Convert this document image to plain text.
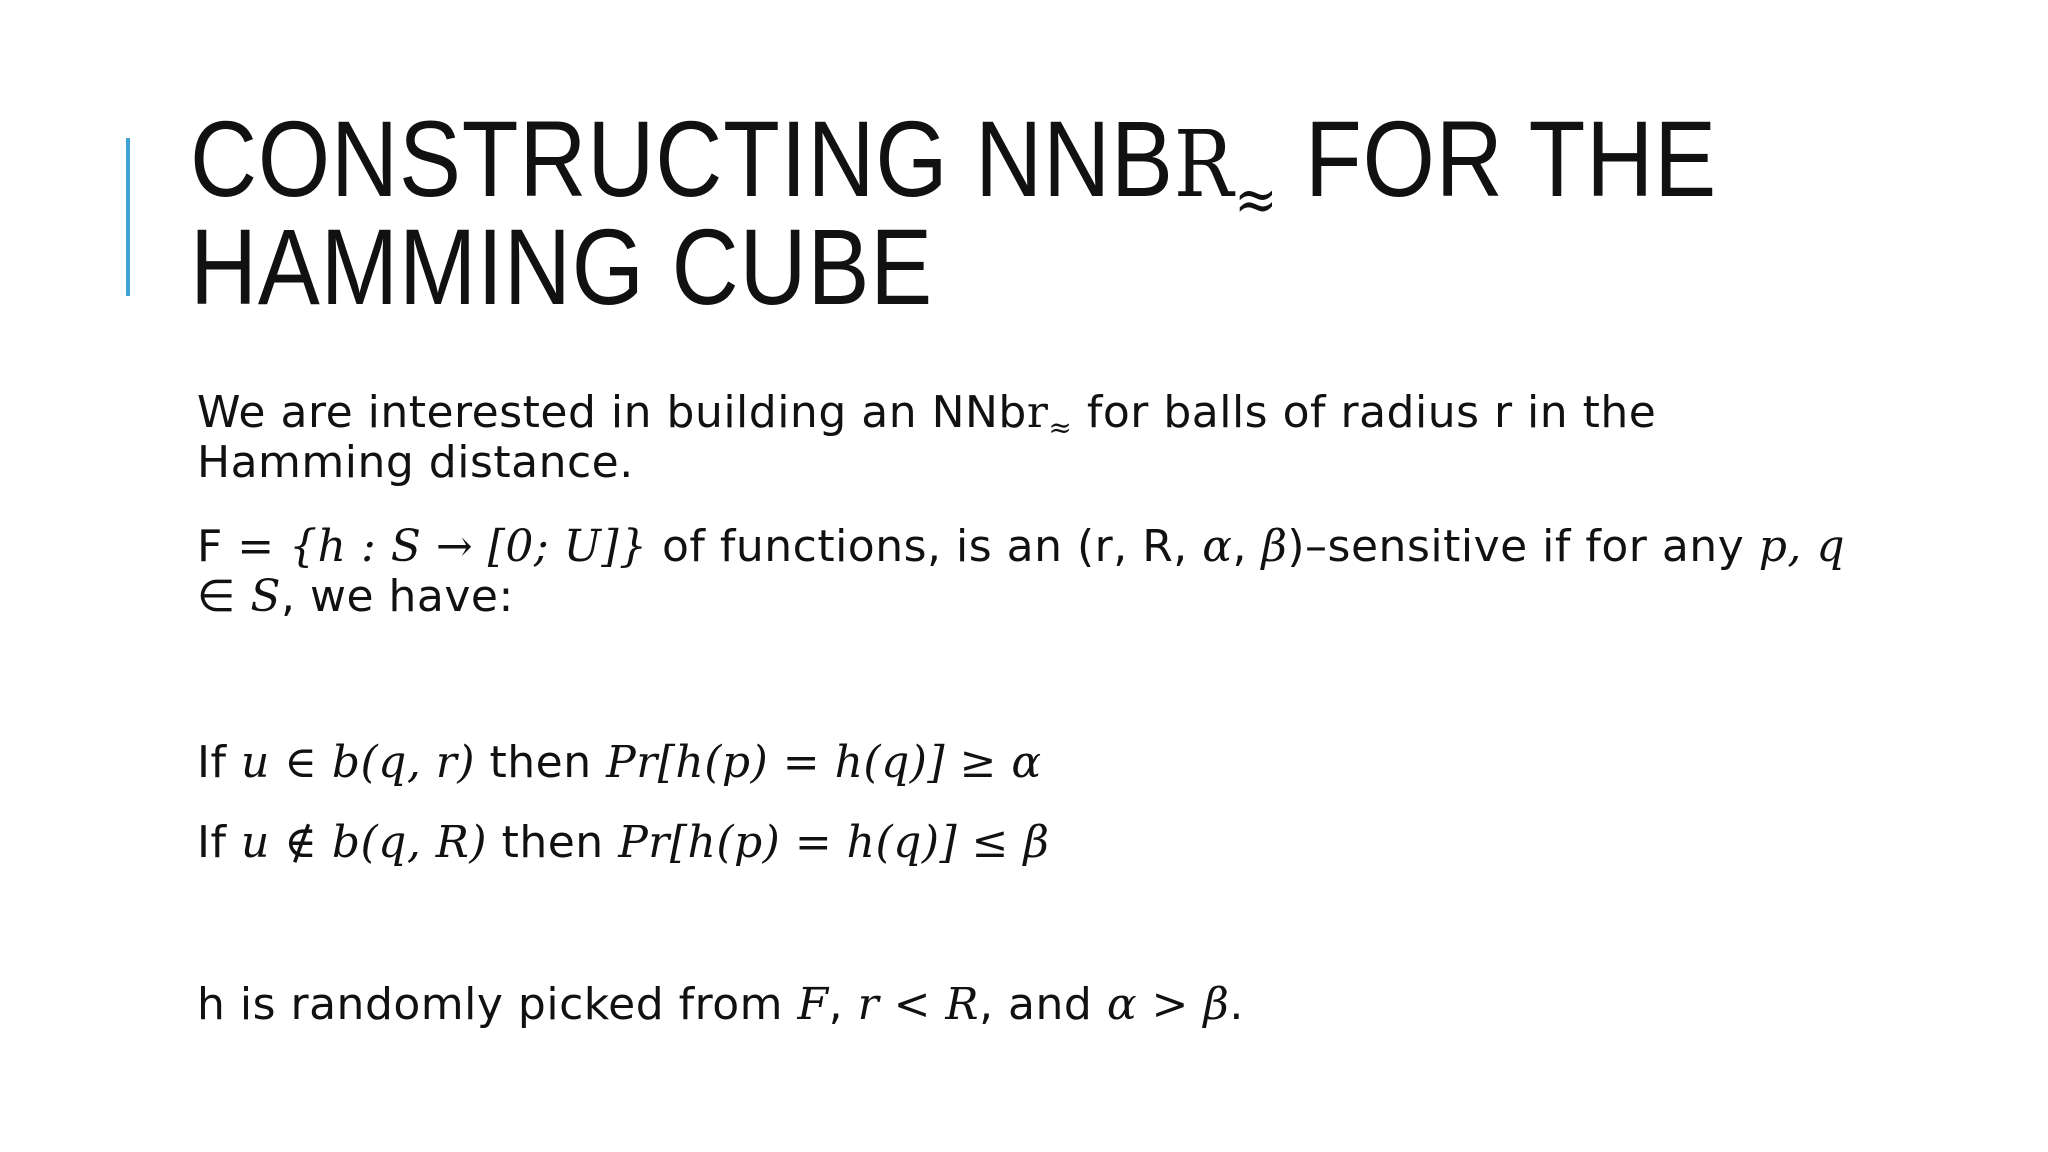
CONSTRUCTING $NNBR_\approx$ FOR THE
HAMMING CUBE
We are interested in building an NNbr$_\approx$ for balls of radius r in the
Hamming distance.
F = {h : S → [0; U]} of functions, is an (r, R, α, β)–sensitive if for any p, q
∈ S, we have:
If u ∈ b(q, r) then Pr[h(p) = h(q)] ≥ α
If u ∉ b(q, R) then Pr[h(p) = h(q)] ≤ β
h is randomly picked from F, r < R, and α > β.
